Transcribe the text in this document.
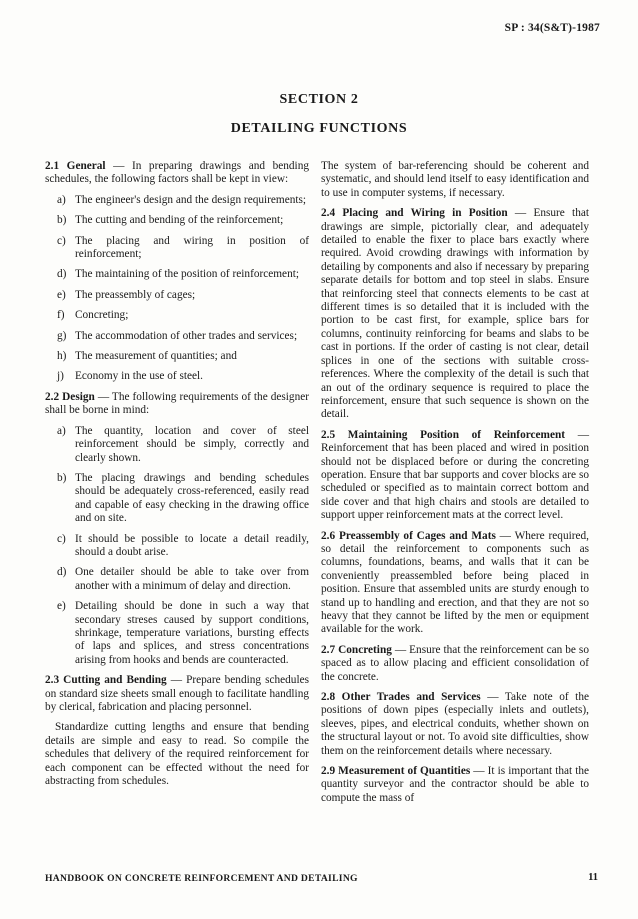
SP : 34(S&T)-1987
SECTION 2
DETAILING FUNCTIONS

2.1 General — In preparing drawings and bending schedules, the following factors shall be kept in view:

a) The engineer's design and the design requirements;
b) The cutting and bending of the reinforcement;
c) The placing and wiring in position of reinforcement;
d) The maintaining of the position of reinforcement;
e) The preassembly of cages;
f) Concreting;
g) The accommodation of other trades and services;
h) The measurement of quantities; and
j) Economy in the use of steel.

2.2 Design — The following requirements of the designer shall be borne in mind:

a) The quantity, location and cover of steel reinforcement should be simply, correctly and clearly shown.
b) The placing drawings and bending schedules should be adequately cross-referenced, easily read and capable of easy checking in the drawing office and on site.
c) It should be possible to locate a detail readily, should a doubt arise.
d) One detailer should be able to take over from another with a minimum of delay and direction.
e) Detailing should be done in such a way that secondary streses caused by support conditions, shrinkage, temperature variations, bursting effects of laps and splices, and stress concentrations arising from hooks and bends are counteracted.

2.3 Cutting and Bending — Prepare bending schedules on standard size sheets small enough to facilitate handling by clerical, fabrication and placing personnel.

Standardize cutting lengths and ensure that bending details are simple and easy to read. So compile the schedules that delivery of the required reinforcement for each component can be effected without the need for abstracting from schedules.

The system of bar-referencing should be coherent and systematic, and should lend itself to easy identification and to use in computer systems, if necessary.

2.4 Placing and Wiring in Position — Ensure that drawings are simple, pictorially clear, and adequately detailed to enable the fixer to place bars exactly where required. Avoid crowding drawings with information by detailing by components and also if necessary by preparing separate details for bottom and top steel in slabs. Ensure that reinforcing steel that connects elements to be cast at different times is so detailed that it is included with the portion to be cast first, for example, splice bars for columns, continuity reinforcing for beams and slabs to be cast in portions. If the order of casting is not clear, detail splices in one of the sections with suitable cross-references. Where the complexity of the detail is such that an out of the ordinary sequence is required to place the reinforcement, ensure that such sequence is shown on the detail.

2.5 Maintaining Position of Reinforcement — Reinforcement that has been placed and wired in position should not be displaced before or during the concreting operation. Ensure that bar supports and cover blocks are so scheduled or specified as to maintain correct bottom and side cover and that high chairs and stools are detailed to support upper reinforcement mats at the correct level.

2.6 Preassembly of Cages and Mats — Where required, so detail the reinforcement to components such as columns, foundations, beams, and walls that it can be conveniently preassembled before being placed in position. Ensure that assembled units are sturdy enough to stand up to handling and erection, and that they are not so heavy that they cannot be lifted by the men or equipment available for the work.

2.7 Concreting — Ensure that the reinforcement can be so spaced as to allow placing and efficient consolidation of the concrete.

2.8 Other Trades and Services — Take note of the positions of down pipes (especially inlets and outlets), sleeves, pipes, and electrical conduits, whether shown on the structural layout or not. To avoid site difficulties, show them on the reinforcement details where necessary.

2.9 Measurement of Quantities — It is important that the quantity surveyor and the contractor should be able to compute the mass of

HANDBOOK ON CONCRETE REINFORCEMENT AND DETAILING	11
